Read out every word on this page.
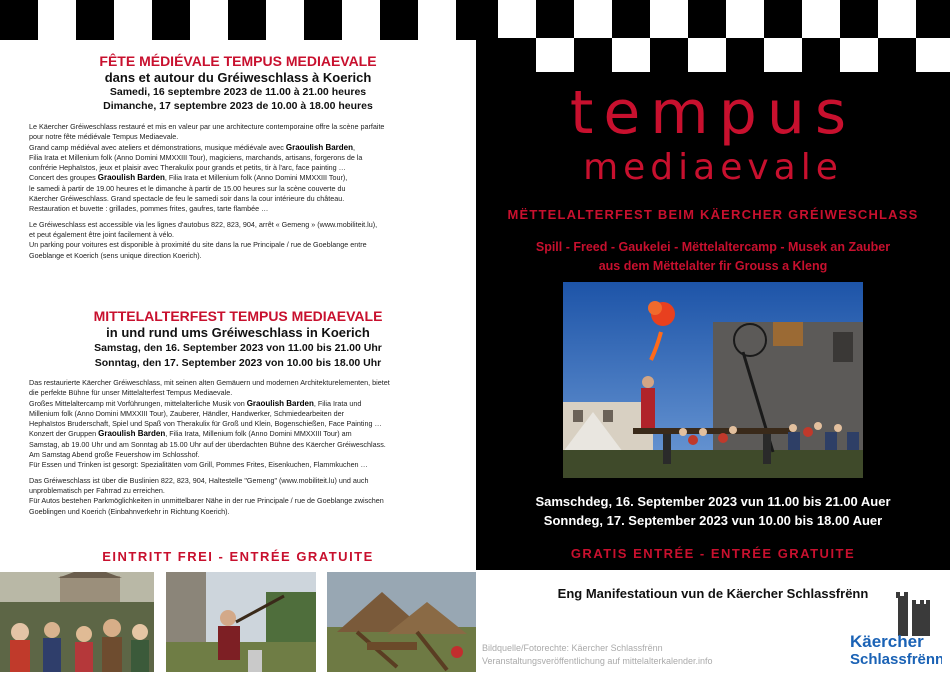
FÊTE MÉDIÉVALE TEMPUS MEDIAEVALE
dans et autour du Gréiweschlass à Koerich
Samedi, 16 septembre 2023 de 11.00 à 21.00 heures
Dimanche, 17 septembre 2023 de 10.00 à 18.00 heures

Le Käercher Gréiweschlass restauré et mis en valeur par une architecture contemporaine offre la scène parfaite

pour notre fête médiévale Tempus Mediaevale.

Grand camp médiéval avec ateliers et démonstrations, musique médiévale avec Graoulish Barden,

Filia Irata et Millenium folk (Anno Domini MMXXIII Tour), magiciens, marchands, artisans, forgerons de la

confrérie Hephaïstos, jeux et plaisir avec Therakulix pour grands et petits, tir à l'arc, face painting …

Concert des groupes Graoulish Barden, Filia Irata et Millenium folk (Anno Domini MMXXIII Tour),

le samedi à partir de 19.00 heures et le dimanche à partir de 15.00 heures sur la scène couverte du

Käercher Gréiweschlass. Grand spectacle de feu le samedi soir dans la cour intérieure du château.

Restauration et buvette : grillades, pommes frites, gaufres, tarte flambée …

Le Gréiweschlass est accessible via les lignes d'autobus 822, 823, 904, arrêt « Gemeng » (www.mobiliteit.lu),

et peut également être joint facilement à vélo.

Un parking pour voitures est disponible à proximité du site dans la rue Principale / rue de Goeblange entre

Goeblange et Koerich (sens unique direction Koerich).

MITTELALTERFEST TEMPUS MEDIAEVALE
in und rund ums Gréiweschlass in Koerich
Samstag, den 16. September 2023 von 11.00 bis 21.00 Uhr
Sonntag, den 17. September 2023 von 10.00 bis 18.00 Uhr

Das restaurierte Käercher Gréiweschlass, mit seinen alten Gemäuern und modernen Architekturelementen, bietet

die perfekte Bühne für unser Mittelalterfest Tempus Mediaevale.

Großes Mittelaltercamp mit Vorführungen, mittelalterliche Musik von Graoulish Barden, Filia Irata und

Millenium folk (Anno Domini MMXXIII Tour), Zauberer, Händler, Handwerker, Schmiedearbeiten der

Hephaïstos Bruderschaft, Spiel und Spaß von Therakulix für Groß und Klein, Bogenschießen, Face Painting …

Konzert der Gruppen Graoulish Barden, Filia Irata, Millenium folk (Anno Domini MMXXIII Tour) am

Samstag, ab 19.00 Uhr und am Sonntag ab 15.00 Uhr auf der überdachten Bühne des Käercher Gréiweschlass.

Am Samstag Abend große Feuershow im Schlosshof.

Für Essen und Trinken ist gesorgt: Spezialitäten vom Grill, Pommes Frites, Eisenkuchen, Flammkuchen …

Das Gréiweschlass ist über die Buslinien 822, 823, 904, Haltestelle "Gemeng" (www.mobiliteit.lu) und auch

unproblematisch per Fahrrad zu erreichen.

Für Autos bestehen Parkmöglichkeiten in unmittelbarer Nähe in der rue Principale / rue de Goeblange zwischen

Goeblingen und Koerich (Einbahnverkehr in Richtung Koerich).

EINTRITT FREI - ENTRÉE GRATUITE
tempus
mediaevale
MËTTELALTERFEST BEIM KÄERCHER GRÉIWESCHLASS
Spill - Freed - Gaukelei - Mëttelaltercamp - Musek an Zauber
aus dem Mëttelalter fir Grouss a Kleng
Samschdeg, 16. September 2023 vun 11.00 bis 21.00 Auer
Sonndeg, 17. September 2023 vun 10.00 bis 18.00 Auer
GRATIS ENTRÉE - ENTRÉE GRATUITE
Eng Manifestatioun vun de Käercher Schlassfrënn
Bildquelle/Fotorechte: Käercher Schlassfrënn
Veranstaltungsveröffentlichung auf mittelalterkalender.info
Käercher
Schlassfrënn
